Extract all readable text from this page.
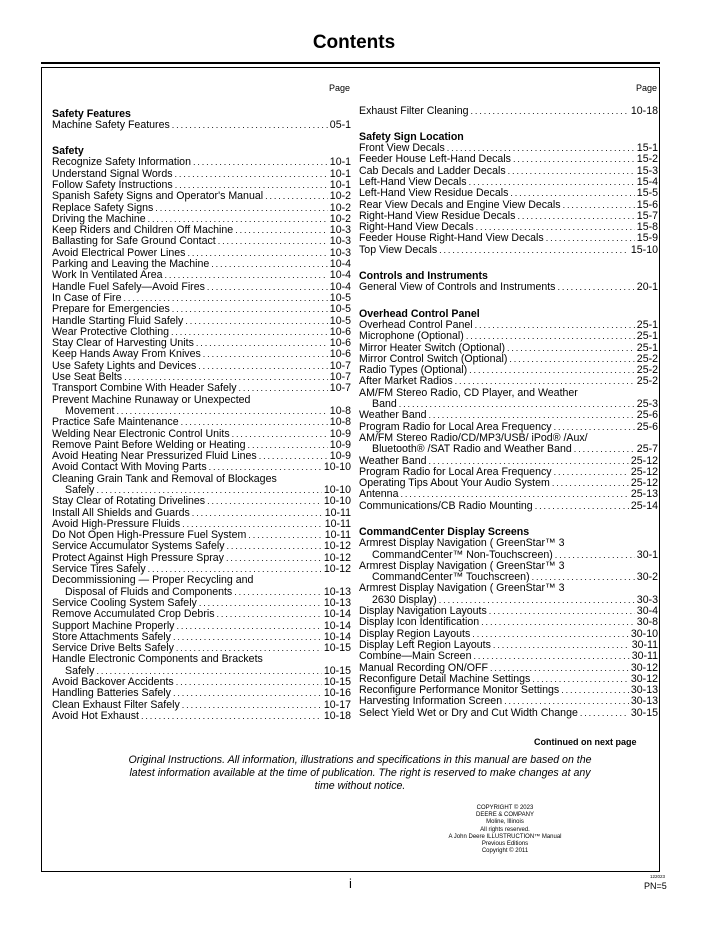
Contents
Page	Page
Safety Features
Machine Safety Features . . .	05-1
Safety
Recognize Safety Information . . .	10-1
Understand Signal Words . . .	10-1
Follow Safety Instructions . . .	10-1
Spanish Safety Signs and Operator's Manual . . .	10-2
Replace Safety Signs . . .	10-2
Driving the Machine . . .	10-2
Keep Riders and Children Off Machine . . .	10-3
Ballasting for Safe Ground Contact . . .	10-3
Avoid Electrical Power Lines . . .	10-3
Parking and Leaving the Machine . . .	10-4
Work In Ventilated Area . . .	10-4
Handle Fuel Safely—Avoid Fires . . .	10-4
In Case of Fire . . .	10-5
Prepare for Emergencies . . .	10-5
Handle Starting Fluid Safely . . .	10-5
Wear Protective Clothing . . .	10-6
Stay Clear of Harvesting Units . . .	10-6
Keep Hands Away From Knives . . .	10-6
Use Safety Lights and Devices . . .	10-7
Use Seat Belts . . .	10-7
Transport Combine With Header Safely . . .	10-7
Prevent Machine Runaway or Unexpected
Movement . . .	10-8
Practice Safe Maintenance . . .	10-8
Welding Near Electronic Control Units . . .	10-9
Remove Paint Before Welding or Heating . . .	10-9
Avoid Heating Near Pressurized Fluid Lines . . .	10-9
Avoid Contact With Moving Parts . . .	10-10
Cleaning Grain Tank and Removal of Blockages
Safely . . .	10-10
Stay Clear of Rotating Drivelines . . .	10-10
Install All Shields and Guards . . .	10-11
Avoid High-Pressure Fluids . . .	10-11
Do Not Open High-Pressure Fuel System . . .	10-11
Service Accumulator Systems Safely . . .	10-12
Protect Against High Pressure Spray . . .	10-12
Service Tires Safely . . .	10-12
Decommissioning — Proper Recycling and
Disposal of Fluids and Components . . .	10-13
Service Cooling System Safely . . .	10-13
Remove Accumulated Crop Debris . . .	10-14
Support Machine Properly . . .	10-14
Store Attachments Safely . . .	10-14
Service Drive Belts Safely . . .	10-15
Handle Electronic Components and Brackets
Safely . . .	10-15
Avoid Backover Accidents . . .	10-15
Handling Batteries Safely . . .	10-16
Clean Exhaust Filter Safely . . .	10-17
Avoid Hot Exhaust . . .	10-18
Exhaust Filter Cleaning . . .	10-18
Safety Sign Location
Front View Decals . . .	15-1
Feeder House Left-Hand Decals . . .	15-2
Cab Decals and Ladder Decals . . .	15-3
Left-Hand View Decals . . .	15-4
Left-Hand View Residue Decals . . .	15-5
Rear View Decals and Engine View Decals . . .	15-6
Right-Hand View Residue Decals . . .	15-7
Right-Hand View Decals . . .	15-8
Feeder House Right-Hand View Decals . . .	15-9
Top View Decals . . .	15-10
Controls and Instruments
General View of Controls and Instruments . . .	20-1
Overhead Control Panel
Overhead Control Panel . . .	25-1
Microphone (Optional) . . .	25-1
Mirror Heater Switch (Optional) . . .	25-1
Mirror Control Switch (Optional) . . .	25-2
Radio Types (Optional) . . .	25-2
After Market Radios . . .	25-2
AM/FM Stereo Radio, CD Player, and Weather
Band . . .	25-3
Weather Band . . .	25-6
Program Radio for Local Area Frequency . . .	25-6
AM/FM Stereo Radio/CD/MP3/USB/ iPod® /Aux/
Bluetooth® /SAT Radio and Weather Band . . .	25-7
Weather Band . . .	25-12
Program Radio for Local Area Frequency . . .	25-12
Operating Tips About Your Audio System . . .	25-12
Antenna . . .	25-13
Communications/CB Radio Mounting . . .	25-14
CommandCenter Display Screens
Armrest Display Navigation ( GreenStar™ 3
CommandCenter™ Non-Touchscreen) . . .	30-1
Armrest Display Navigation ( GreenStar™ 3
CommandCenter™ Touchscreen) . . .	30-2
Armrest Display Navigation ( GreenStar™ 3
2630 Display) . . .	30-3
Display Navigation Layouts . . .	30-4
Display Icon Identification . . .	30-8
Display Region Layouts . . .	30-10
Display Left Region Layouts . . .	30-11
Combine—Main Screen . . .	30-11
Manual Recording ON/OFF . . .	30-12
Reconfigure Detail Machine Settings . . .	30-12
Reconfigure Performance Monitor Settings . . .	30-13
Harvesting Information Screen . . .	30-13
Select Yield Wet or Dry and Cut Width Change . . .	30-15
Continued on next page
Original Instructions. All information, illustrations and specifications in this manual are based on the latest information available at the time of publication. The right is reserved to make changes at any time without notice.
COPYRIGHT © 2023
DEERE & COMPANY
Moline, Illinois
All rights reserved.
A John Deere ILLUSTRUCTION™ Manual
Previous Editions
Copyright © 2011
i	122023
PN=5
